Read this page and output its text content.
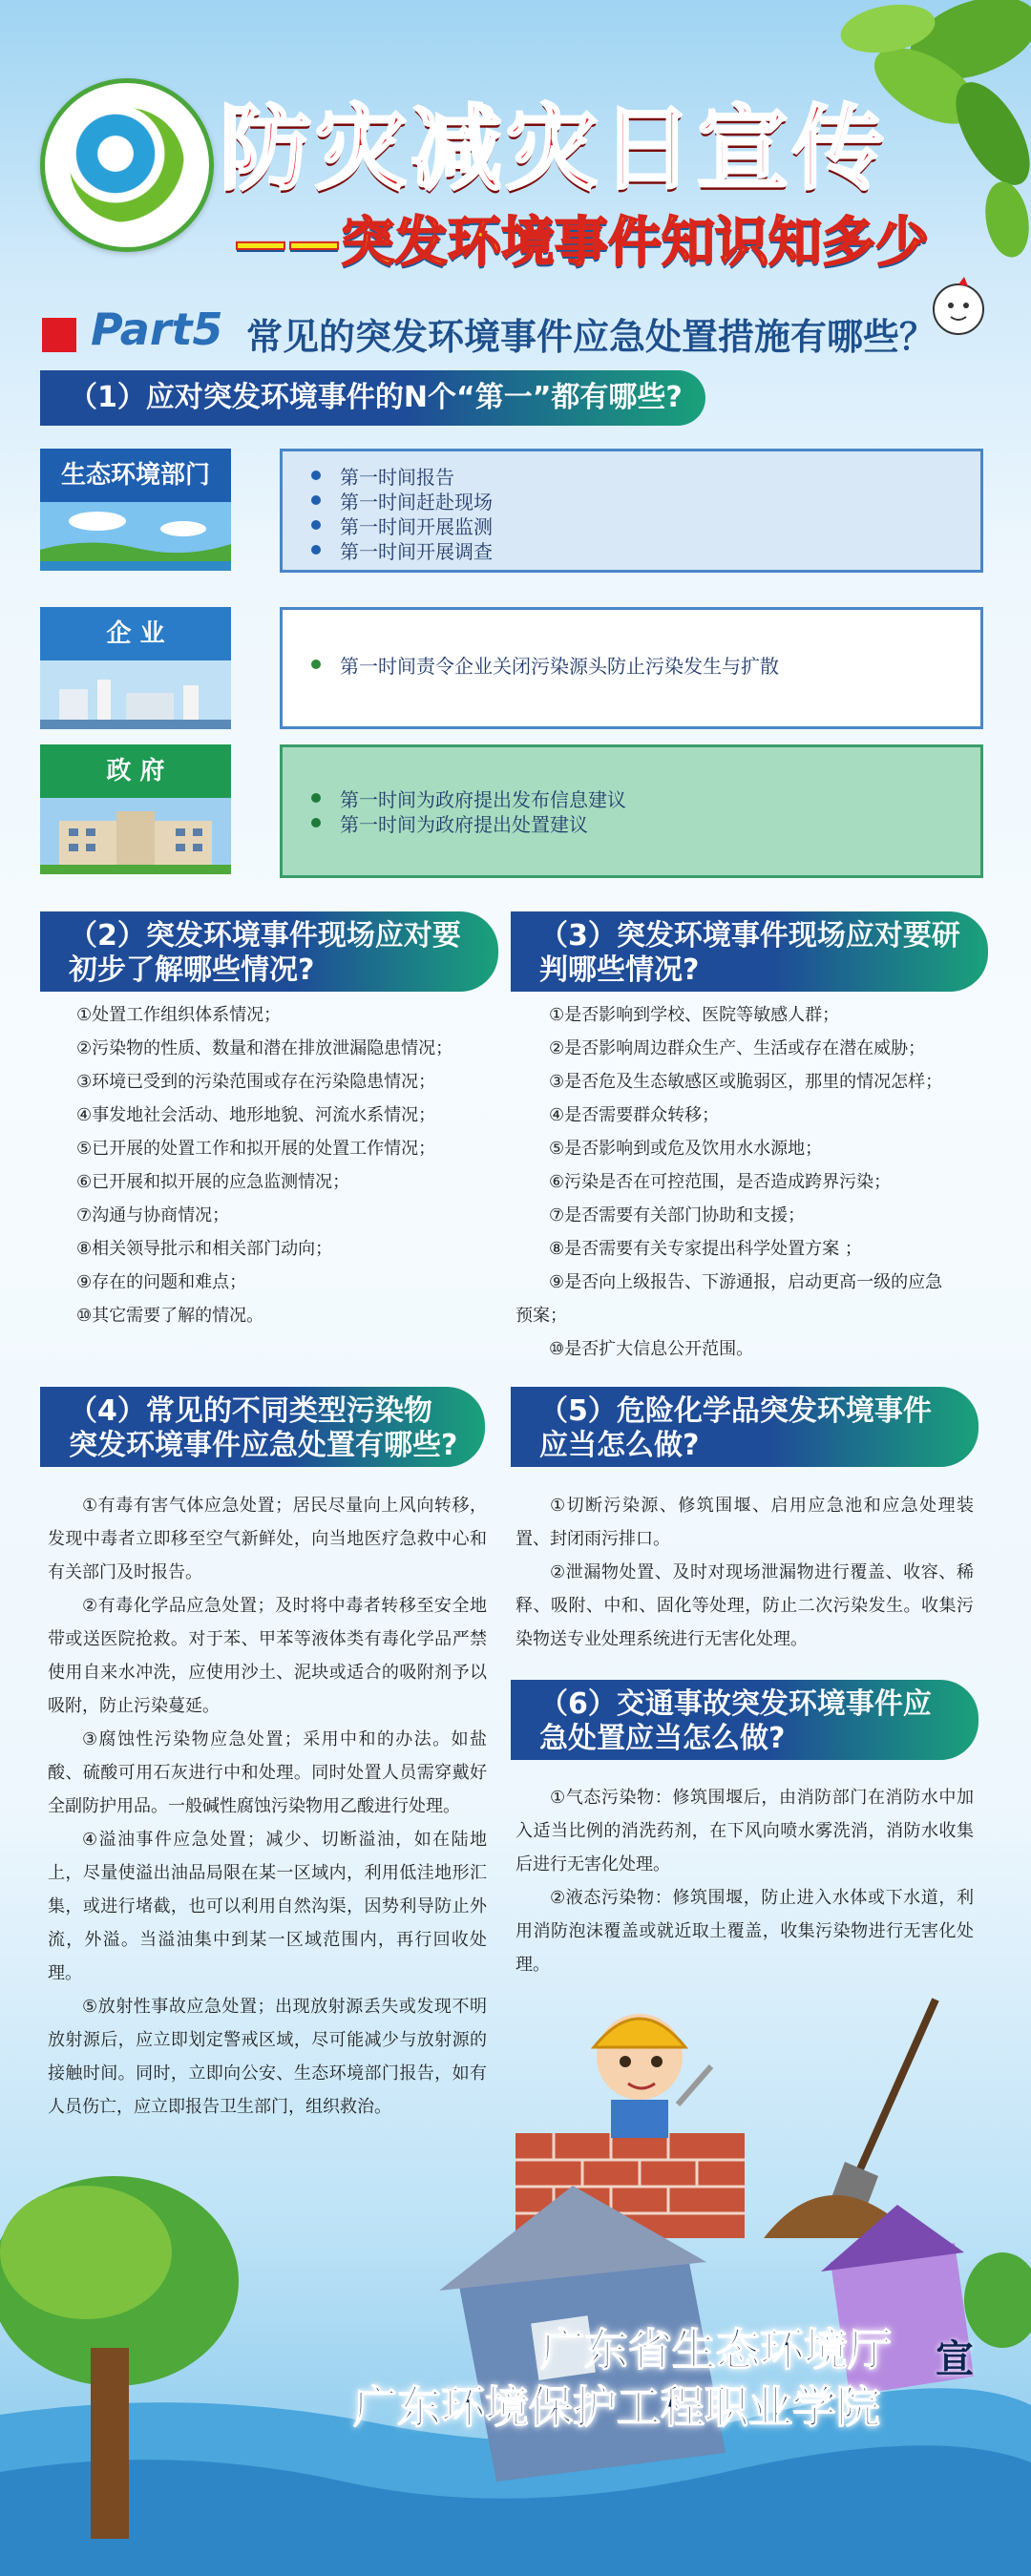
防灾减灾日宣传
——突发环境事件知识知多少
Part5 常见的突发环境事件应急处置措施有哪些？
（1）应对突发环境事件的N个“第一”都有哪些?
生态环境部门	第一时间报告
第一时间赶赴现场
第一时间开展监测
第一时间开展调查
企 业
第一时间责令企业关闭污染源头防止污染发生与扩散
政 府
第一时间为政府提出发布信息建议
第一时间为政府提出处置建议
（2）突发环境事件现场应对要初步了解哪些情况?
①处置工作组织体系情况；
②污染物的性质、数量和潜在排放泄漏隐患情况；
③环境已受到的污染范围或存在污染隐患情况；
④事发地社会活动、地形地貌、河流水系情况；
⑤已开展的处置工作和拟开展的处置工作情况；
⑥已开展和拟开展的应急监测情况；
⑦沟通与协商情况；
⑧相关领导批示和相关部门动向；
⑨存在的问题和难点；
⑩其它需要了解的情况。
（3）突发环境事件现场应对要研判哪些情况?
①是否影响到学校、医院等敏感人群；
②是否影响周边群众生产、生活或存在潜在威胁；
③是否危及生态敏感区或脆弱区，那里的情况怎样；
④是否需要群众转移；
⑤是否影响到或危及饮用水水源地；
⑥污染是否在可控范围，是否造成跨界污染；
⑦是否需要有关部门协助和支援；
⑧是否需要有关专家提出科学处置方案 ；
⑨是否向上级报告、下游通报，启动更高一级的应急
预案；
⑩是否扩大信息公开范围。
（4）常见的不同类型污染物突发环境事件应急处置有哪些?
①有毒有害气体应急处置；居民尽量向上风向转移，发现中毒者立即移至空气新鲜处，向当地医疗急救中心和有关部门及时报告。
②有毒化学品应急处置；及时将中毒者转移至安全地带或送医院抢救。对于苯、甲苯等液体类有毒化学品严禁使用自来水冲洗，应使用沙土、泥块或适合的吸附剂予以吸附，防止污染蔓延。
③腐蚀性污染物应急处置；采用中和的办法。如盐酸、硫酸可用石灰进行中和处理。同时处置人员需穿戴好全副防护用品。一般碱性腐蚀污染物用乙酸进行处理。
④溢油事件应急处置；减少、切断溢油，如在陆地上，尽量使溢出油品局限在某一区域内，利用低洼地形汇集，或进行堵截，也可以利用自然沟渠，因势利导防止外流，外溢。当溢油集中到某一区域范围内，再行回收处理。
⑤放射性事故应急处置；出现放射源丢失或发现不明放射源后，应立即划定警戒区域，尽可能减少与放射源的接触时间。同时，立即向公安、生态环境部门报告，如有人员伤亡，应立即报告卫生部门，组织救治。
（5）危险化学品突发环境事件应当怎么做?
①切断污染源、修筑围堰、启用应急池和应急处理装置、封闭雨污排口。
②泄漏物处置、及时对现场泄漏物进行覆盖、收容、稀释、吸附、中和、固化等处理，防止二次污染发生。收集污染物送专业处理系统进行无害化处理。
（6）交通事故突发环境事件应急处置应当怎么做?
①气态污染物：修筑围堰后，由消防部门在消防水中加入适当比例的消洗药剂，在下风向喷水雾洗消，消防水收集后进行无害化处理。
②液态污染物：修筑围堰，防止进入水体或下水道，利用消防泡沫覆盖或就近取土覆盖，收集污染物进行无害化处理。
广东省生态环境厅 宣
广东环境保护工程职业学院
